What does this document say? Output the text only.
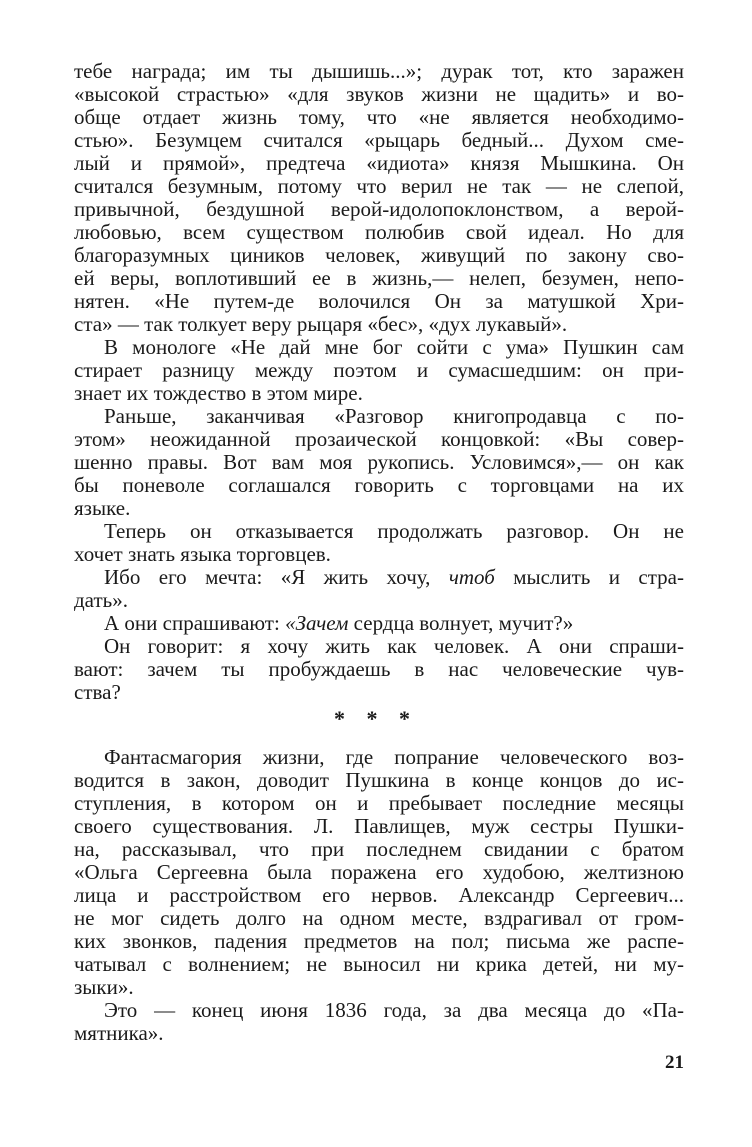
тебе награда; им ты дышишь...»; дурак тот, кто заражен
«высокой страстью» «для звуков жизни не щадить» и во-
обще отдает жизнь тому, что «не является необходимо-
стью». Безумцем считался «рыцарь бедный... Духом сме-
лый и прямой», предтеча «идиота» князя Мышкина. Он
считался безумным, потому что верил не так — не слепой,
привычной, бездушной верой-идолопоклонством, а верой-
любовью, всем существом полюбив свой идеал. Но для
благоразумных циников человек, живущий по закону сво-
ей веры, воплотивший ее в жизнь,— нелеп, безумен, непо-
нятен. «Не путем-де волочился Он за матушкой Хри-
ста» — так толкует веру рыцаря «бес», «дух лукавый».
В монологе «Не дай мне бог сойти с ума» Пушкин сам
стирает разницу между поэтом и сумасшедшим: он при-
знает их тождество в этом мире.
Раньше, заканчивая «Разговор книгопродавца с по-
этом» неожиданной прозаической концовкой: «Вы совер-
шенно правы. Вот вам моя рукопись. Условимся»,— он как
бы поневоле соглашался говорить с торговцами на их
языке.
Теперь он отказывается продолжать разговор. Он не
хочет знать языка торговцев.
Ибо его мечта: «Я жить хочу, чтоб мыслить и стра-
дать».
А они спрашивают: «Зачем сердца волнует, мучит?»
Он говорит: я хочу жить как человек. А они спраши-
вают: зачем ты пробуждаешь в нас человеческие чув-
ства?
* * *
Фантасмагория жизни, где попрание человеческого воз-
водится в закон, доводит Пушкина в конце концов до ис-
ступления, в котором он и пребывает последние месяцы
своего существования. Л. Павлищев, муж сестры Пушки-
на, рассказывал, что при последнем свидании с братом
«Ольга Сергеевна была поражена его худобою, желтизною
лица и расстройством его нервов. Александр Сергеевич...
не мог сидеть долго на одном месте, вздрагивал от гром-
ких звонков, падения предметов на пол; письма же распе-
чатывал с волнением; не выносил ни крика детей, ни му-
зыки».
Это — конец июня 1836 года, за два месяца до «Па-
мятника».
21
